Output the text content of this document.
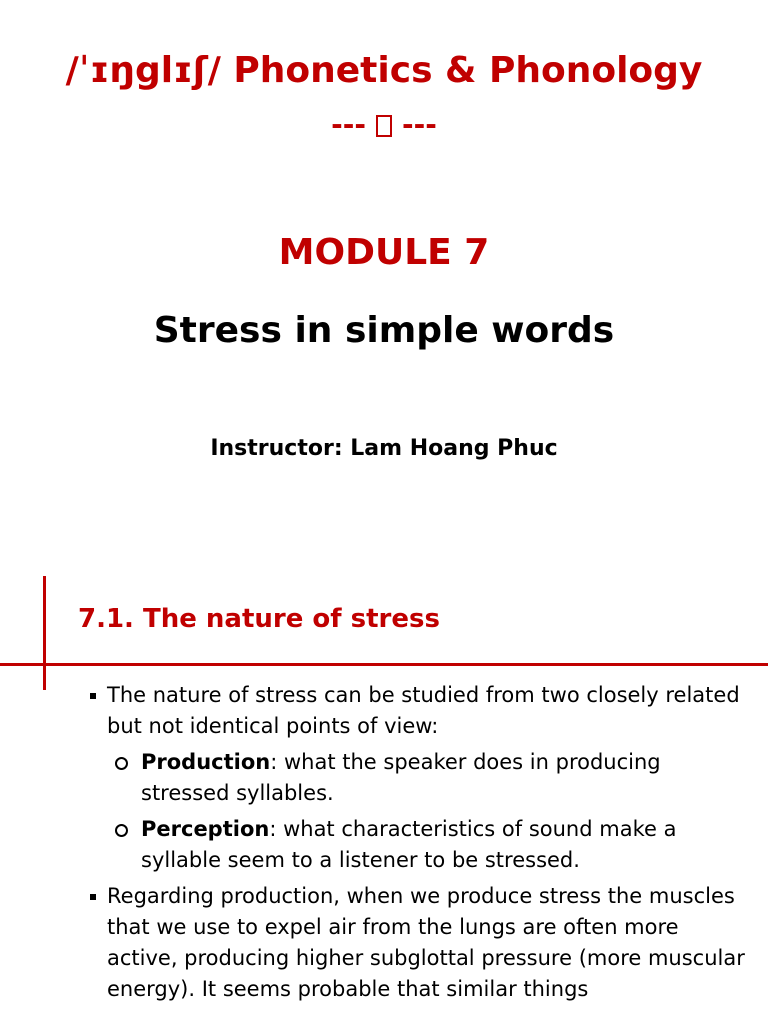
/ˈɪŋglɪʃ/ Phonetics & Phonology
--- ---
MODULE 7
Stress in simple words
Instructor: Lam Hoang Phuc
7.1. The nature of stress
The nature of stress can be studied from two closely related but not identical points of view:
Production: what the speaker does in producing stressed syllables.
Perception: what characteristics of sound make a syllable seem to a listener to be stressed.
Regarding production, when we produce stress the muscles that we use to expel air from the lungs are often more active, producing higher subglottal pressure (more muscular energy). It seems probable that similar things
